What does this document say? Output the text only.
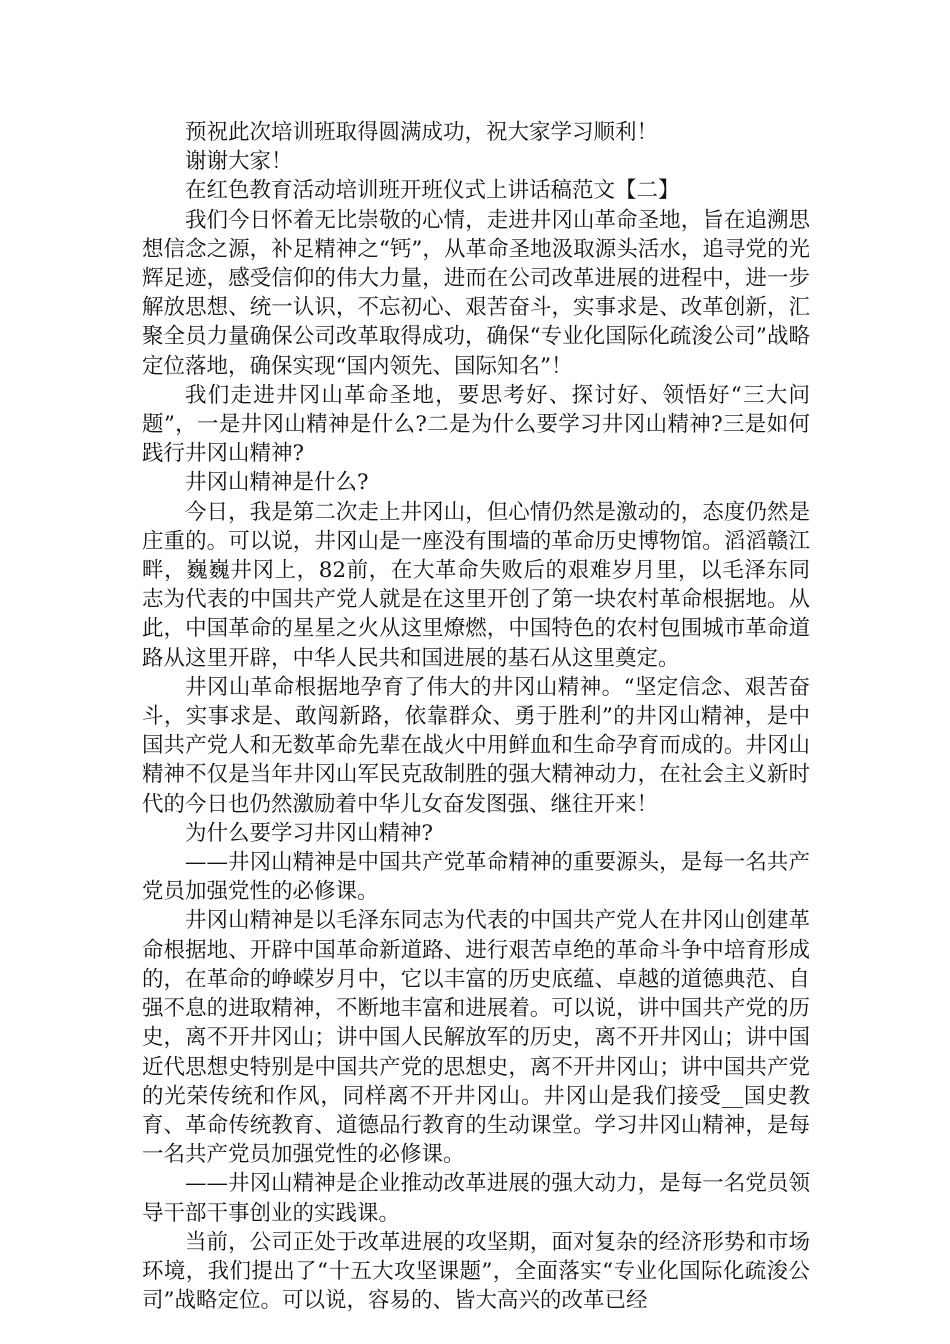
预祝此次培训班取得圆满成功，祝大家学习顺利！

谢谢大家！

在红色教育活动培训班开班仪式上讲话稿范文【二】

我们今日怀着无比崇敬的心情，走进井冈山革命圣地，旨在追溯思想信念之源，补足精神之“钙”，从革命圣地汲取源头活水，追寻党的光辉足迹，感受信仰的伟大力量，进而在公司改革进展的进程中，进一步解放思想、统一认识，不忘初心、艰苦奋斗，实事求是、改革创新，汇聚全员力量确保公司改革取得成功，确保“专业化国际化疏浚公司”战略定位落地，确保实现“国内领先、国际知名”！

我们走进井冈山革命圣地，要思考好、探讨好、领悟好“三大问题”，一是井冈山精神是什么?二是为什么要学习井冈山精神?三是如何践行井冈山精神?

井冈山精神是什么?

今日，我是第二次走上井冈山，但心情仍然是激动的，态度仍然是庄重的。可以说，井冈山是一座没有围墙的革命历史博物馆。滔滔赣江畔，巍巍井冈上，82前，在大革命失败后的艰难岁月里，以毛泽东同志为代表的中国共产党人就是在这里开创了第一块农村革命根据地。从此，中国革命的星星之火从这里燎燃，中国特色的农村包围城市革命道路从这里开辟，中华人民共和国进展的基石从这里奠定。

井冈山革命根据地孕育了伟大的井冈山精神。“坚定信念、艰苦奋斗，实事求是、敢闯新路，依靠群众、勇于胜利”的井冈山精神，是中国共产党人和无数革命先辈在战火中用鲜血和生命孕育而成的。井冈山精神不仅是当年井冈山军民克敌制胜的强大精神动力，在社会主义新时代的今日也仍然激励着中华儿女奋发图强、继往开来！

为什么要学习井冈山精神?

——井冈山精神是中国共产党革命精神的重要源头，是每一名共产党员加强党性的必修课。

井冈山精神是以毛泽东同志为代表的中国共产党人在井冈山创建革命根据地、开辟中国革命新道路、进行艰苦卓绝的革命斗争中培育形成的，在革命的峥嵘岁月中，它以丰富的历史底蕴、卓越的道德典范、自强不息的进取精神，不断地丰富和进展着。可以说，讲中国共产党的历史，离不开井冈山；讲中国人民解放军的历史，离不开井冈山；讲中国近代思想史特别是中国共产党的思想史，离不开井冈山；讲中国共产党的光荣传统和作风，同样离不开井冈山。井冈山是我们接受__国史教育、革命传统教育、道德品行教育的生动课堂。学习井冈山精神，是每一名共产党员加强党性的必修课。

——井冈山精神是企业推动改革进展的强大动力，是每一名党员领导干部干事创业的实践课。

当前，公司正处于改革进展的攻坚期，面对复杂的经济形势和市场环境，我们提出了“十五大攻坚课题”，全面落实“专业化国际化疏浚公司”战略定位。可以说，容易的、皆大高兴的改革已经
